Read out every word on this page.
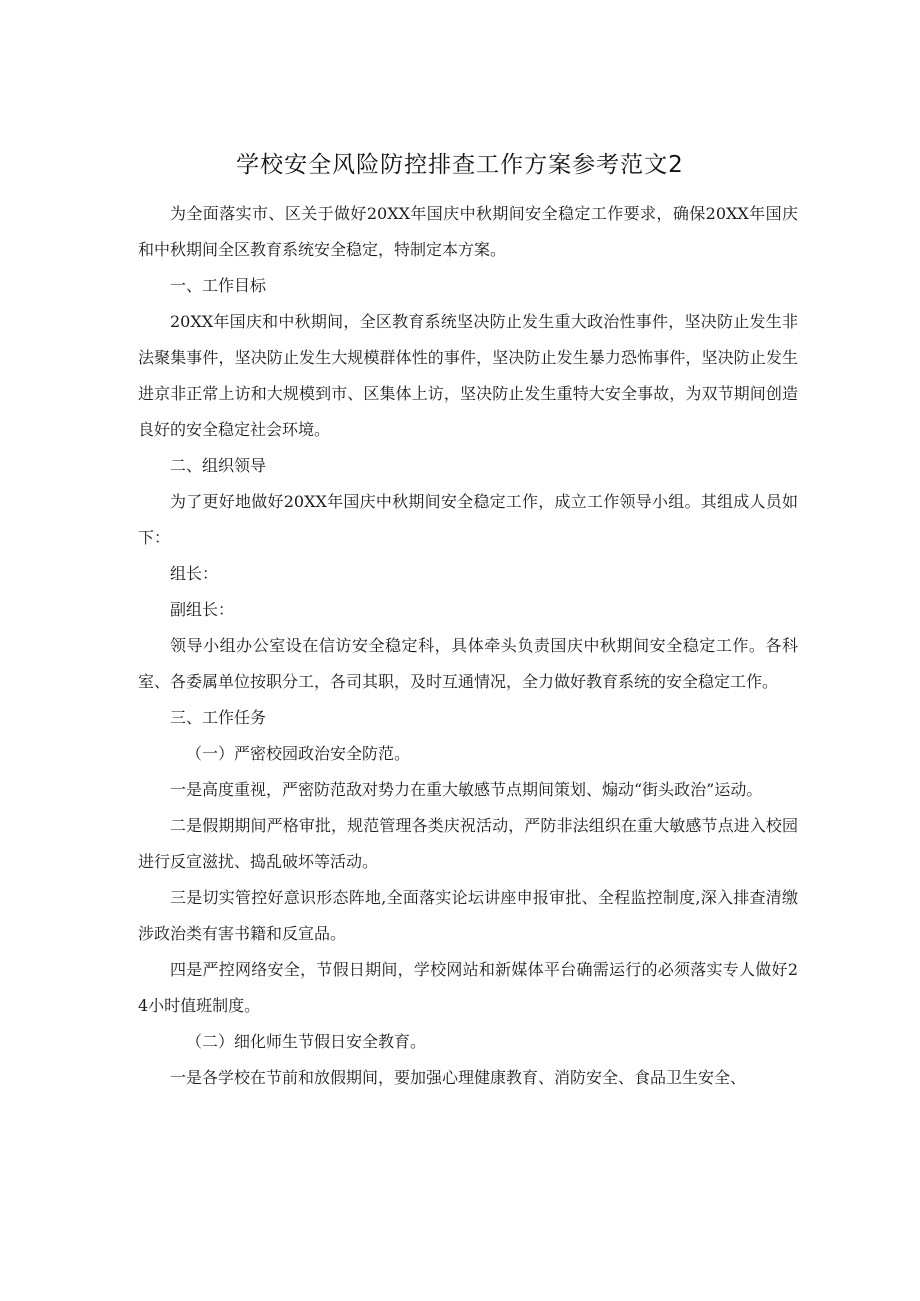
学校安全风险防控排查工作方案参考范文2

为全面落实市、区关于做好20XX年国庆中秋期间安全稳定工作要求，确保20XX年国庆和中秋期间全区教育系统安全稳定，特制定本方案。

一、工作目标

20XX年国庆和中秋期间，全区教育系统坚决防止发生重大政治性事件，坚决防止发生非法聚集事件，坚决防止发生大规模群体性的事件，坚决防止发生暴力恐怖事件，坚决防止发生进京非正常上访和大规模到市、区集体上访，坚决防止发生重特大安全事故，为双节期间创造良好的安全稳定社会环境。

二、组织领导

为了更好地做好20XX年国庆中秋期间安全稳定工作，成立工作领导小组。其组成人员如下：

组长：

副组长：

领导小组办公室设在信访安全稳定科，具体牵头负责国庆中秋期间安全稳定工作。各科室、各委属单位按职分工，各司其职，及时互通情况，全力做好教育系统的安全稳定工作。

三、工作任务

（一）严密校园政治安全防范。

一是高度重视，严密防范敌对势力在重大敏感节点期间策划、煽动“街头政治”运动。

二是假期期间严格审批，规范管理各类庆祝活动，严防非法组织在重大敏感节点进入校园进行反宣滋扰、捣乱破坏等活动。

三是切实管控好意识形态阵地,全面落实论坛讲座申报审批、全程监控制度,深入排查清缴涉政治类有害书籍和反宣品。

四是严控网络安全，节假日期间，学校网站和新媒体平台确需运行的必须落实专人做好24小时值班制度。

（二）细化师生节假日安全教育。

一是各学校在节前和放假期间，要加强心理健康教育、消防安全、食品卫生安全、
